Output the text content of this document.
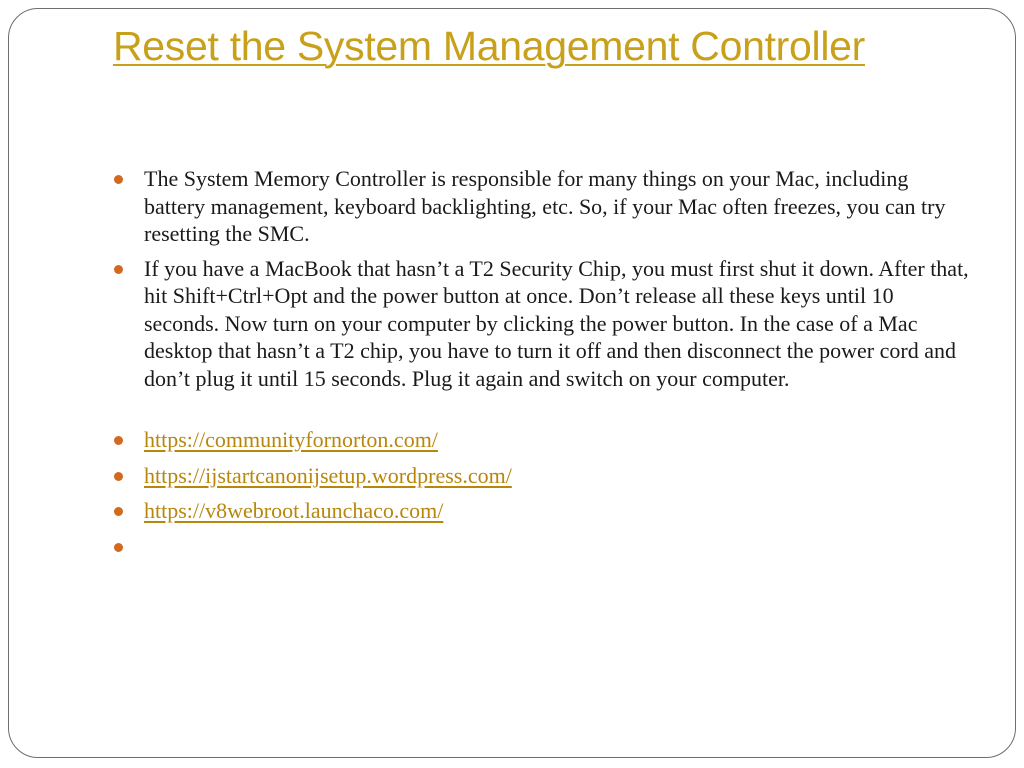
Reset the System Management Controller
The System Memory Controller is responsible for many things on your Mac, including battery management, keyboard backlighting, etc. So, if your Mac often freezes, you can try resetting the SMC.
If you have a MacBook that hasn’t a T2 Security Chip, you must first shut it down. After that, hit Shift+Ctrl+Opt and the power button at once. Don’t release all these keys until 10 seconds. Now turn on your computer by clicking the power button. In the case of a Mac desktop that hasn’t a T2 chip, you have to turn it off and then disconnect the power cord and don’t plug it until 15 seconds. Plug it again and switch on your computer.
https://communityfornorton.com/
https://ijstartcanonijsetup.wordpress.com/
https://v8webroot.launchaco.com/
